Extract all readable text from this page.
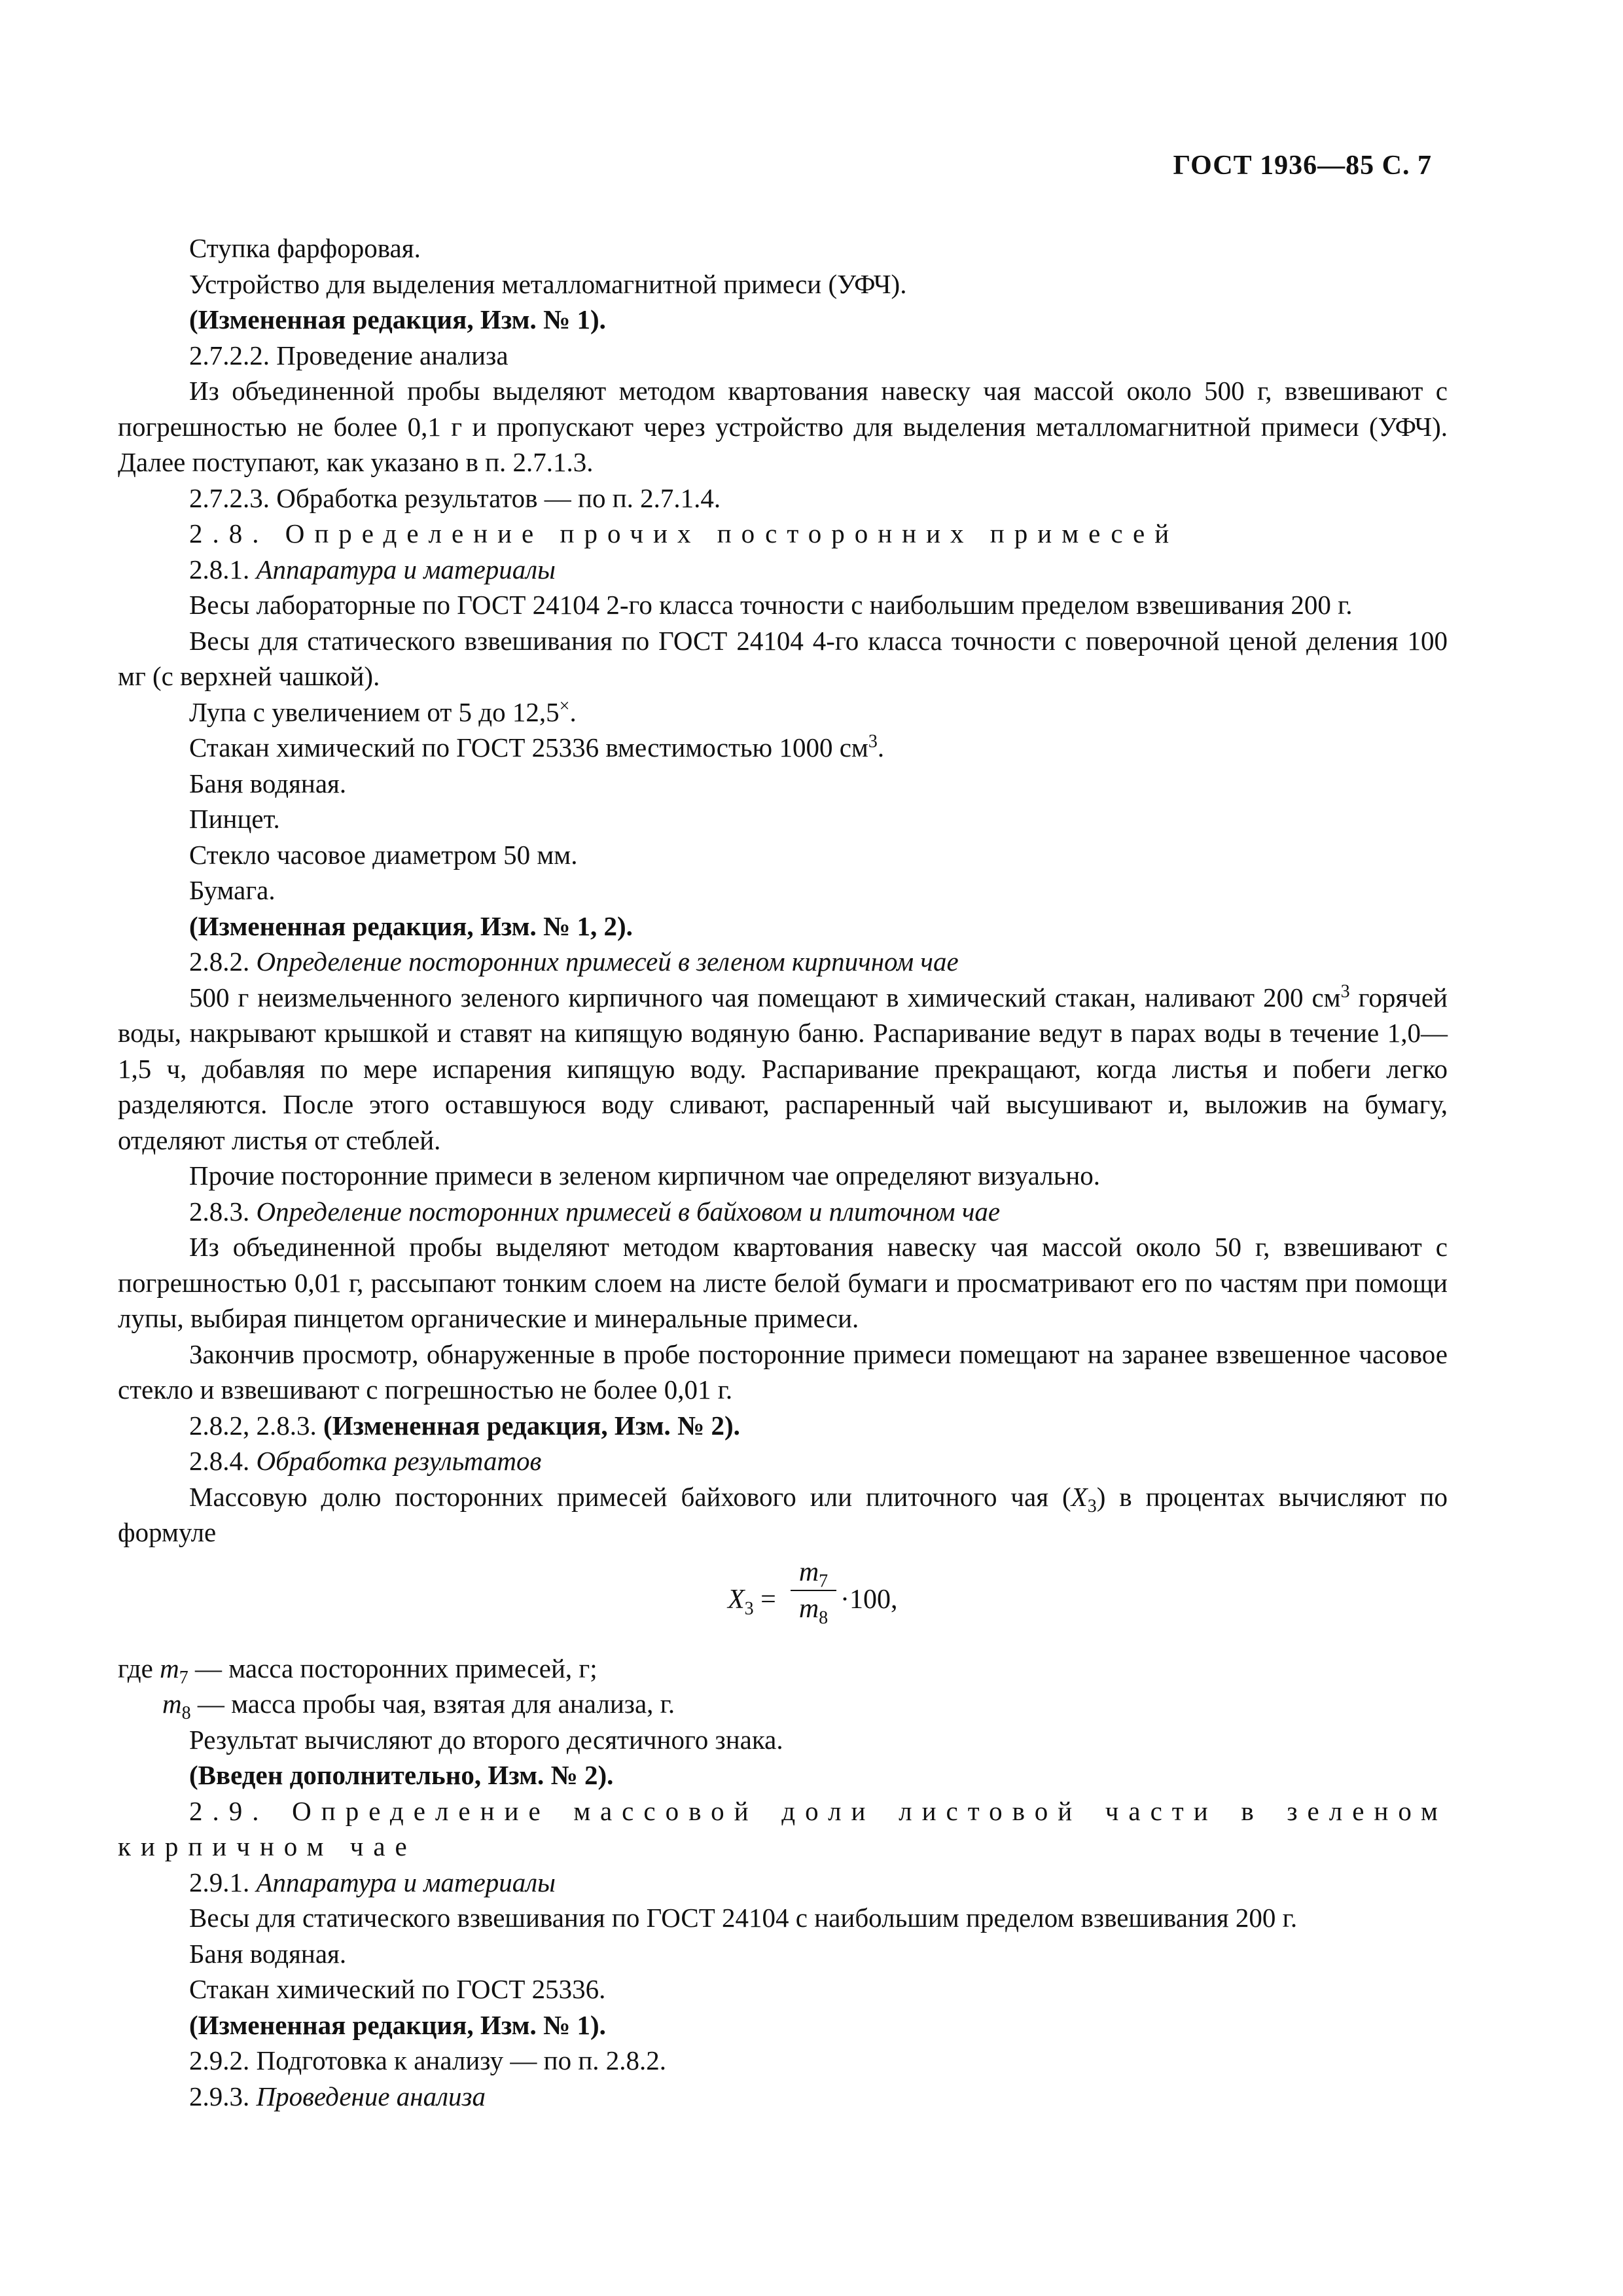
ГОСТ 1936—85 С. 7

Ступка фарфоровая.

Устройство для выделения металломагнитной примеси (УФЧ).

(Измененная редакция, Изм. № 1).

2.7.2.2. Проведение анализа

Из объединенной пробы выделяют методом квартования навеску чая массой около 500 г, взвешивают с погрешностью не более 0,1 г и пропускают через устройство для выделения металломагнитной примеси (УФЧ). Далее поступают, как указано в п. 2.7.1.3.

2.7.2.3. Обработка результатов — по п. 2.7.1.4.

2.8. Определение прочих посторонних примесей

2.8.1. Аппаратура и материалы

Весы лабораторные по ГОСТ 24104 2-го класса точности с наибольшим пределом взвешивания 200 г.

Весы для статического взвешивания по ГОСТ 24104 4-го класса точности с поверочной ценой деления 100 мг (с верхней чашкой).

Лупа с увеличением от 5 до 12,5×.

Стакан химический по ГОСТ 25336 вместимостью 1000 $см^3$.

Баня водяная.

Пинцет.

Стекло часовое диаметром 50 мм.

Бумага.

(Измененная редакция, Изм. № 1, 2).

2.8.2. Определение посторонних примесей в зеленом кирпичном чае

500 г неизмельченного зеленого кирпичного чая помещают в химический стакан, наливают 200 $см^3$ горячей воды, накрывают крышкой и ставят на кипящую водяную баню. Распаривание ведут в парах воды в течение 1,0—1,5 ч, добавляя по мере испарения кипящую воду. Распаривание прекращают, когда листья и побеги легко разделяются. После этого оставшуюся воду сливают, распаренный чай высушивают и, выложив на бумагу, отделяют листья от стеблей.

Прочие посторонние примеси в зеленом кирпичном чае определяют визуально.

2.8.3. Определение посторонних примесей в байховом и плиточном чае

Из объединенной пробы выделяют методом квартования навеску чая массой около 50 г, взвешивают с погрешностью 0,01 г, рассыпают тонким слоем на листе белой бумаги и просматривают его по частям при помощи лупы, выбирая пинцетом органические и минеральные примеси.

Закончив просмотр, обнаруженные в пробе посторонние примеси помещают на заранее взвешенное часовое стекло и взвешивают с погрешностью не более 0,01 г.

2.8.2, 2.8.3. (Измененная редакция, Изм. № 2).

2.8.4. Обработка результатов

Массовую долю посторонних примесей байхового или плиточного чая $(X_3)$ в процентах вычисляют по формуле

$X_3$ =
$m_7$
$m_8$
·100,

где $m_7$ — масса посторонних примесей, г;

$m_8$ — масса пробы чая, взятая для анализа, г.

Результат вычисляют до второго десятичного знака.

(Введен дополнительно, Изм. № 2).

2.9. Определение массовой доли листовой части в зеленом кирпичном чае

2.9.1. Аппаратура и материалы

Весы для статического взвешивания по ГОСТ 24104 с наибольшим пределом взвешивания 200 г.

Баня водяная.

Стакан химический по ГОСТ 25336.

(Измененная редакция, Изм. № 1).

2.9.2. Подготовка к анализу — по п. 2.8.2.

2.9.3. Проведение анализа
